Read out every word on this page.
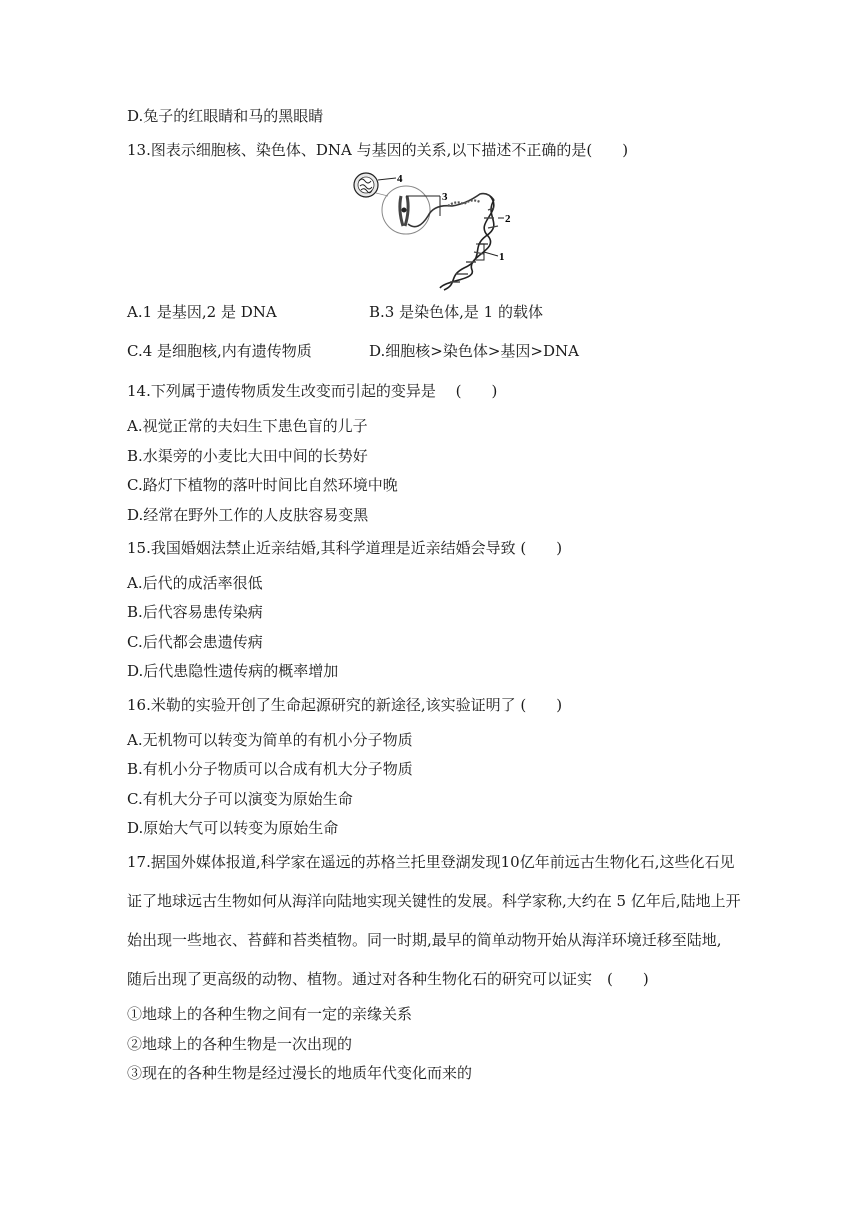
D.兔子的红眼睛和马的黑眼睛
13.图表示细胞核、染色体、DNA 与基因的关系,以下描述不正确的是(　　)
4
3
2
1
A.1 是基因,2 是 DNA	B.3 是染色体,是 1 的载体
C.4 是细胞核,内有遗传物质	D.细胞核>染色体>基因>DNA
14.下列属于遗传物质发生改变而引起的变异是　 (　　)
A.视觉正常的夫妇生下患色盲的儿子
B.水渠旁的小麦比大田中间的长势好
C.路灯下植物的落叶时间比自然环境中晚
D.经常在野外工作的人皮肤容易变黑
15.我国婚姻法禁止近亲结婚,其科学道理是近亲结婚会导致 (　　)
A.后代的成活率很低
B.后代容易患传染病
C.后代都会患遗传病
D.后代患隐性遗传病的概率增加
16.米勒的实验开创了生命起源研究的新途径,该实验证明了 (　　)
A.无机物可以转变为简单的有机小分子物质
B.有机小分子物质可以合成有机大分子物质
C.有机大分子可以演变为原始生命
D.原始大气可以转变为原始生命
17.据国外媒体报道,科学家在遥远的苏格兰托里登湖发现10亿年前远古生物化石,这些化石见
证了地球远古生物如何从海洋向陆地实现关键性的发展。科学家称,大约在 5 亿年后,陆地上开
始出现一些地衣、苔藓和苔类植物。同一时期,最早的简单动物开始从海洋环境迁移至陆地,
随后出现了更高级的动物、植物。通过对各种生物化石的研究可以证实　(　　)
①地球上的各种生物之间有一定的亲缘关系
②地球上的各种生物是一次出现的
③现在的各种生物是经过漫长的地质年代变化而来的
